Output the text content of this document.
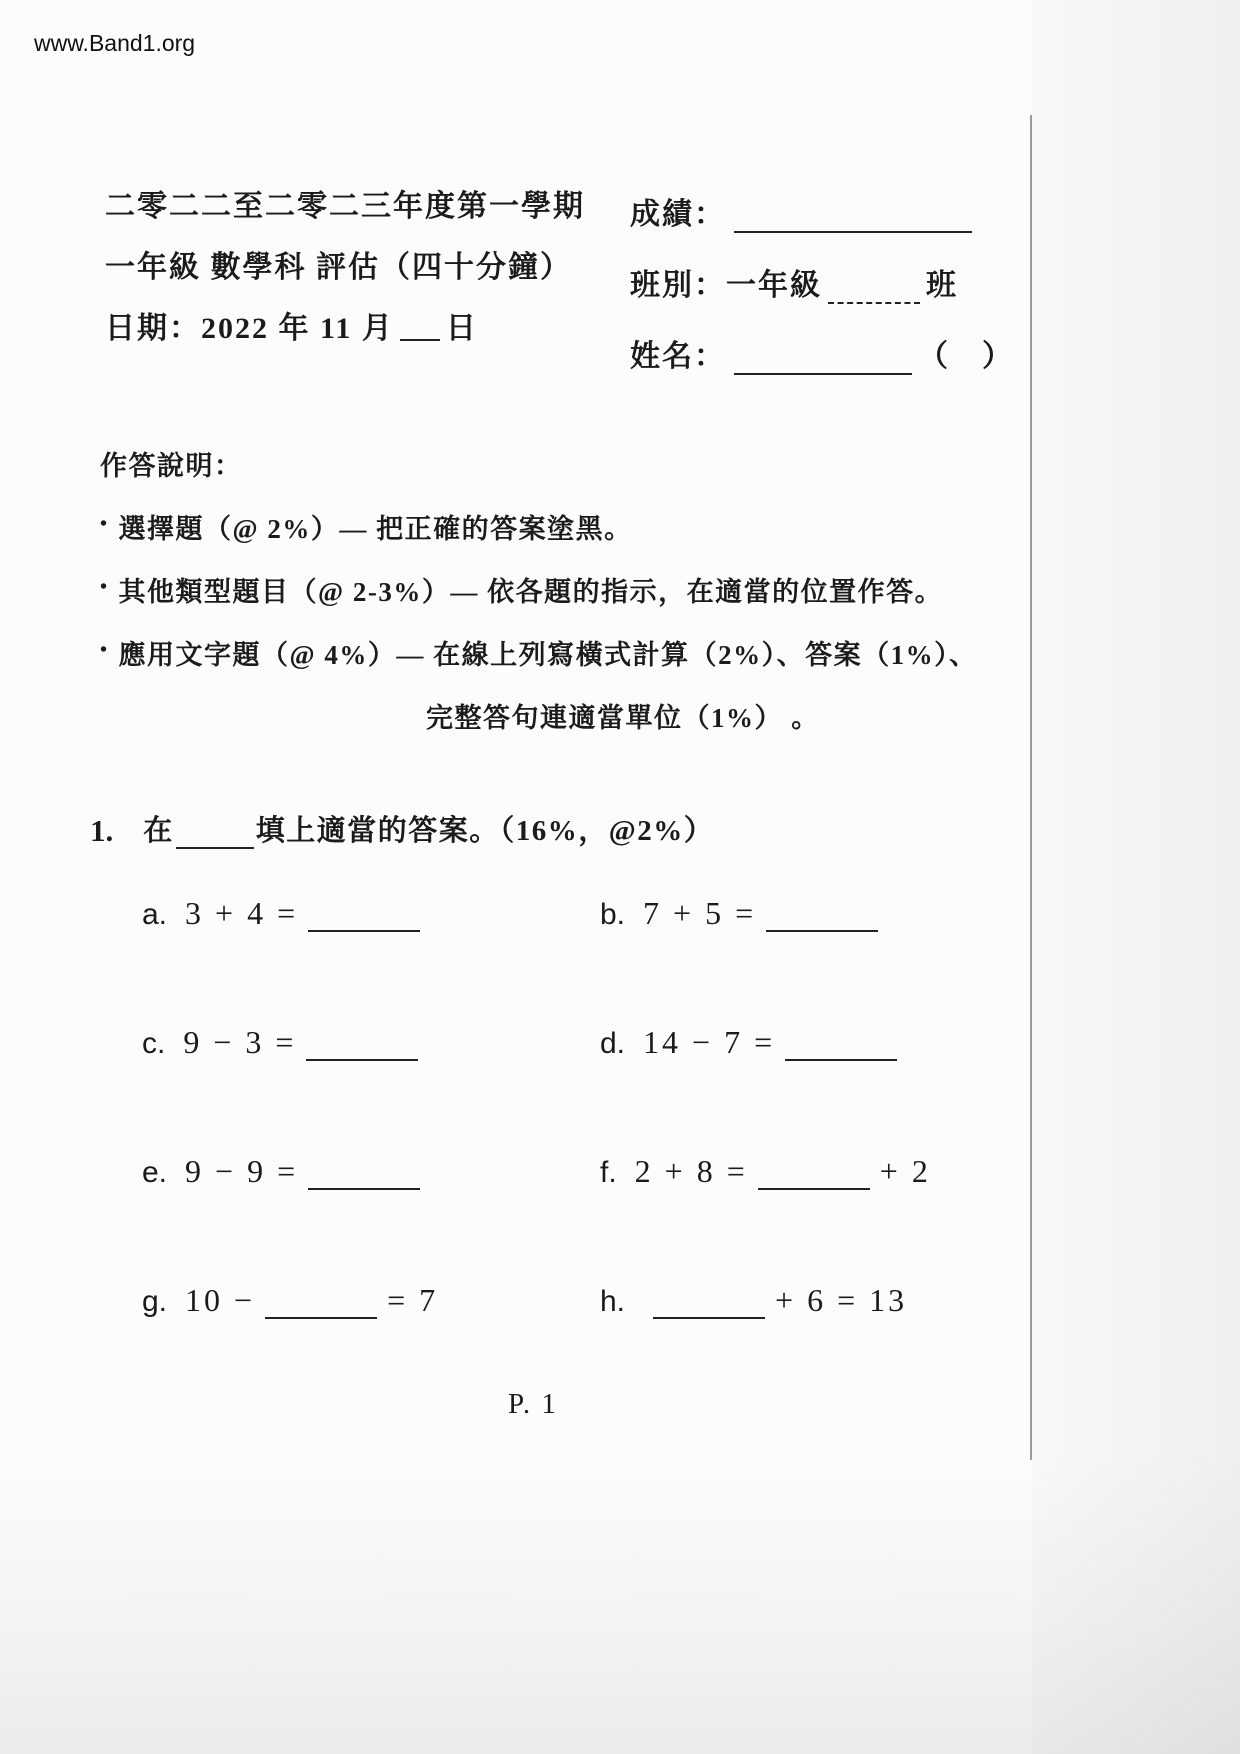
www.Band1.org
二零二二至二零二三年度第一學期
一年級 數學科 評估（四十分鐘）
日期：2022 年 11 月 日
成績：
班別：一年級	班
姓名：	（　）
作答說明：
• 選擇題（@ 2%）— 把正確的答案塗黑。
• 其他類型題目（@ 2-3%）— 依各題的指示，在適當的位置作答。
• 應用文字題（@ 4%）— 在線上列寫橫式計算（2%）、答案（1%）、
完整答句連適當單位（1%） 。
1. 在	填上適當的答案。（16%，@2%）
a. 3 + 4 =	b. 7 + 5 =
c. 9 − 3 =	d. 14 − 7 =
e. 9 − 9 =	f. 2 + 8 =	+ 2
g. 10 −	= 7	h.	+ 6 = 13
P. 1
